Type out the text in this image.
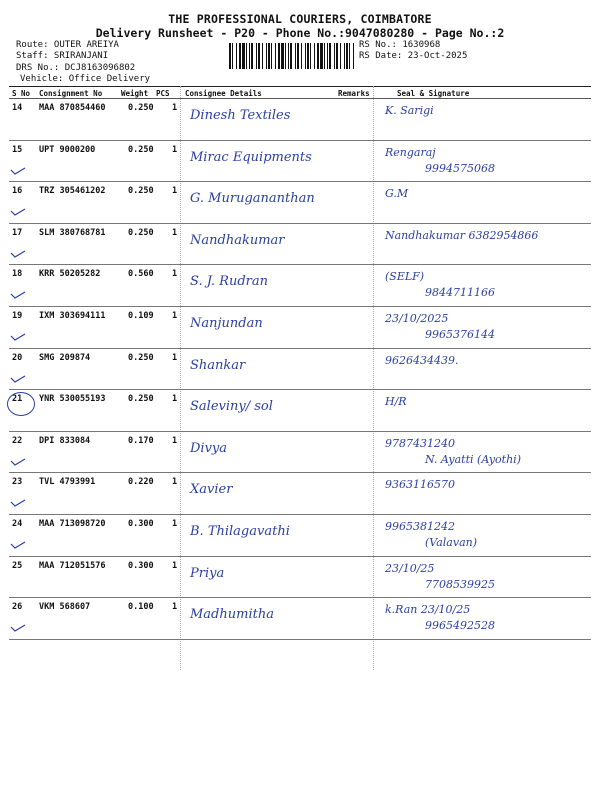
THE PROFESSIONAL COURIERS, COIMBATORE
Delivery Runsheet - P20 - Phone No.:9047080280 - Page No.:2
Route: OUTER AREIYA
Staff: SRIRANJANI
DRS No.: DCJ8163096802
Vehicle: Office Delivery
RS No.: 1630968
RS Date: 23-Oct-2025
S No Consignment No	Weight PCS Consignee Details	Remarks	Seal & Signature
14 MAA 870854460	0.250 1 Dinesh Textiles	K. Sarigi
15 UPT 9000200	0.250 1 Mirac Equipments	Rengaraj
9994575068
16 TRZ 305461202	0.250 1 G. Murugananthan	G.M
17 SLM 380768781	0.250 1 Nandhakumar	Nandhakumar 6382954866
18 KRR 50205282	0.560 1 S. J. Rudran	(SELF)
9844711166
19 IXM 303694111	0.109 1 Nanjundan	23/10/2025
9965376144
20 SMG 209874	0.250 1 Shankar	9626434439.
21 YNR 530055193	0.250 1 Saleviny/ sol	H/R
22 DPI 833084	0.170 1 Divya	9787431240
N. Ayatti (Ayothi)
23 TVL 4793991	0.220 1 Xavier	9363116570
24 MAA 713098720	0.300 1 B. Thilagavathi	9965381242
(Valavan)
25 MAA 712051576	0.300 1 Priya	23/10/25
7708539925
26 VKM 568607	0.100 1 Madhumitha	k.Ran 23/10/25
9965492528
